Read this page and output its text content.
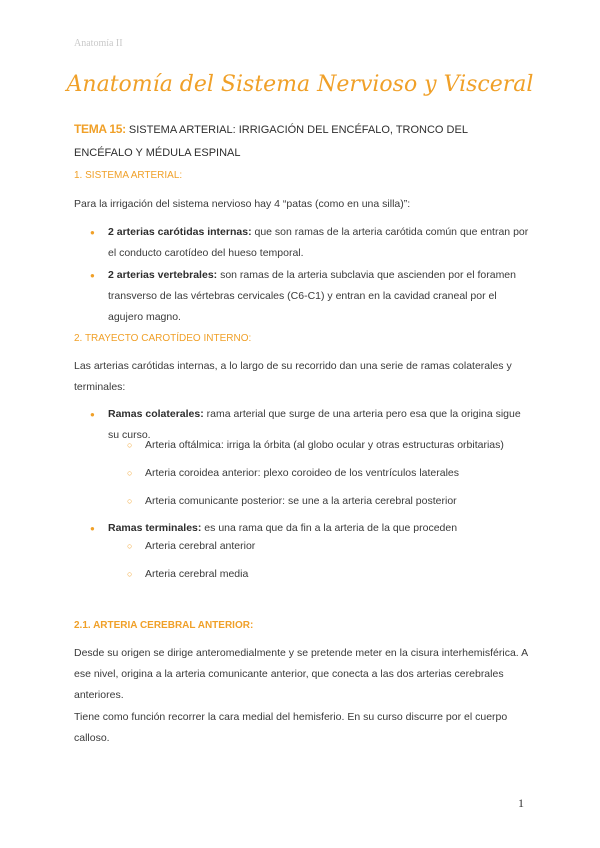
Anatomía II
Anatomía del Sistema Nervioso y Visceral
TEMA 15: SISTEMA ARTERIAL: IRRIGACIÓN DEL ENCÉFALO, TRONCO DEL ENCÉFALO Y MÉDULA ESPINAL
1. SISTEMA ARTERIAL:
Para la irrigación del sistema nervioso hay 4 “patas (como en una silla)”:
● 2 arterias carótidas internas: que son ramas de la arteria carótida común que entran por el conducto carotídeo del hueso temporal.
● 2 arterias vertebrales: son ramas de la arteria subclavia que ascienden por el foramen transverso de las vértebras cervicales (C6-C1) y entran en la cavidad craneal por el agujero magno.
2. TRAYECTO CAROTÍDEO INTERNO:
Las arterias carótidas internas, a lo largo de su recorrido dan una serie de ramas colaterales y terminales:
● Ramas colaterales: rama arterial que surge de una arteria pero esa que la origina sigue su curso.
○ Arteria oftálmica: irriga la órbita (al globo ocular y otras estructuras orbitarias)
○ Arteria coroidea anterior: plexo coroideo de los ventrículos laterales
○ Arteria comunicante posterior: se une a la arteria cerebral posterior
● Ramas terminales: es una rama que da fin a la arteria de la que proceden
○ Arteria cerebral anterior
○ Arteria cerebral media
2.1. ARTERIA CEREBRAL ANTERIOR:
Desde su origen se dirige anteromedialmente y se pretende meter en la cisura interhemisférica. A ese nivel, origina a la arteria comunicante anterior, que conecta a las dos arterias cerebrales anteriores.
Tiene como función recorrer la cara medial del hemisferio. En su curso discurre por el cuerpo calloso.
1
